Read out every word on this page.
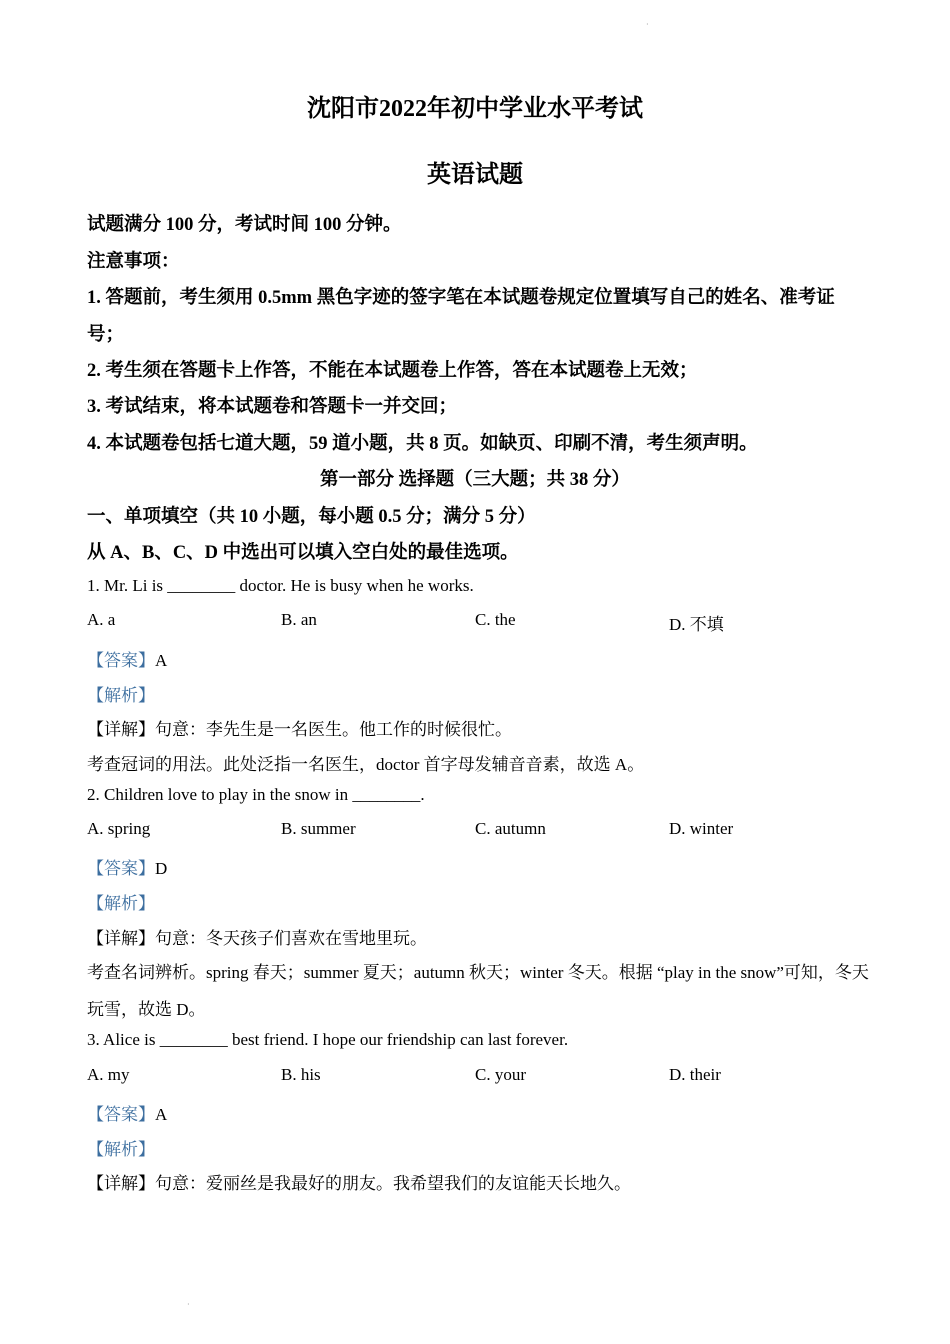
·
沈阳市2022年初中学业水平考试
英语试题
试题满分 100 分，考试时间 100 分钟。
注意事项：
1. 答题前，考生须用 0.5mm 黑色字迹的签字笔在本试题卷规定位置填写自己的姓名、准考证
号；
2. 考生须在答题卡上作答，不能在本试题卷上作答，答在本试题卷上无效；
3. 考试结束，将本试题卷和答题卡一并交回；
4. 本试题卷包括七道大题，59 道小题，共 8 页。如缺页、印刷不清，考生须声明。
第一部分 选择题（三大题；共 38 分）
一、单项填空（共 10 小题，每小题 0.5 分；满分 5 分）
从 A、B、C、D 中选出可以填入空白处的最佳选项。
1. Mr. Li is ________ doctor. He is busy when he works.
A. a	B. an	C. the	D. 不填
【答案】A
【解析】
【详解】句意：李先生是一名医生。他工作的时候很忙。
考查冠词的用法。此处泛指一名医生，doctor 首字母发辅音音素，故选 A。
2. Children love to play in the snow in ________.
A. spring	B. summer	C. autumn	D. winter
【答案】D
【解析】
【详解】句意：冬天孩子们喜欢在雪地里玩。
考查名词辨析。spring 春天；summer 夏天；autumn 秋天；winter 冬天。根据 “play in the snow”可知，冬天
玩雪，故选 D。
3. Alice is ________ best friend. I hope our friendship can last forever.
A. my	B. his	C. your	D. their
【答案】A
【解析】
【详解】句意：爱丽丝是我最好的朋友。我希望我们的友谊能天长地久。
·
